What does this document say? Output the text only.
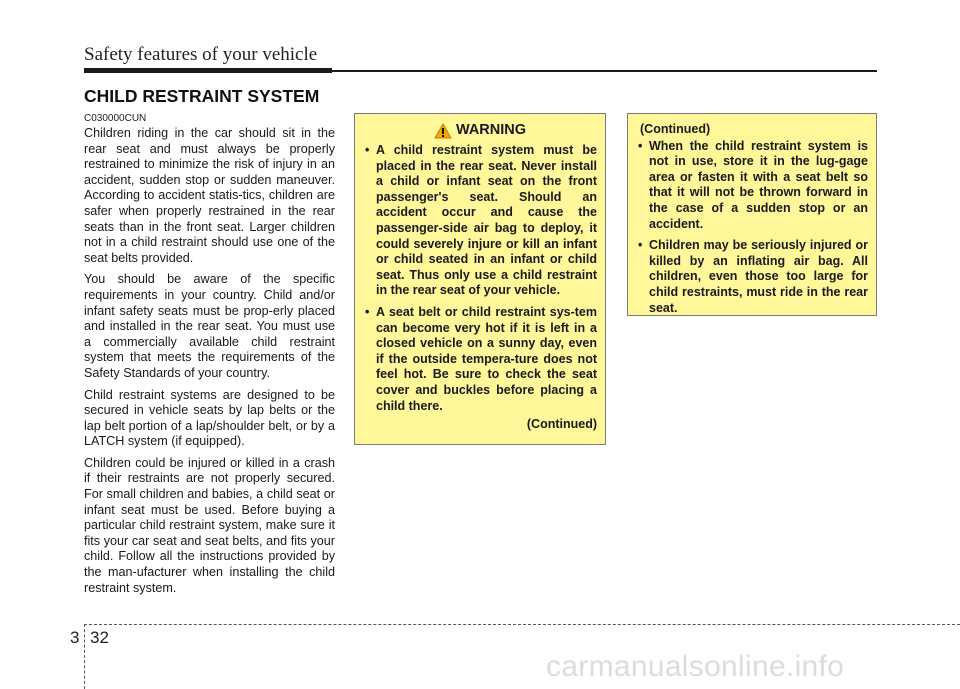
Safety features of your vehicle
CHILD RESTRAINT SYSTEM
C030000CUN

Children riding in the car should sit in the rear seat and must always be properly restrained to minimize the risk of injury in an accident, sudden stop or sudden maneuver. According to accident statis-tics, children are safer when properly restrained in the rear seats than in the front seat. Larger children not in a child restraint should use one of the seat belts provided.

You should be aware of the specific requirements in your country. Child and/or infant safety seats must be prop-erly placed and installed in the rear seat. You must use a commercially available child restraint system that meets the requirements of the Safety Standards of your country.

Child restraint systems are designed to be secured in vehicle seats by lap belts or the lap belt portion of a lap/shoulder belt, or by a LATCH system (if equipped).

Children could be injured or killed in a crash if their restraints are not properly secured. For small children and babies, a child seat or infant seat must be used. Before buying a particular child restraint system, make sure it fits your car seat and seat belts, and fits your child. Follow all the instructions provided by the man-ufacturer when installing the child restraint system.

WARNING
• A child restraint system must be placed in the rear seat. Never install a child or infant seat on the front passenger's seat. Should an accident occur and cause the passenger-side air bag to deploy, it could severely injure or kill an infant or child seated in an infant or child seat. Thus only use a child restraint in the rear seat of your vehicle.
• A seat belt or child restraint sys-tem can become very hot if it is left in a closed vehicle on a sunny day, even if the outside tempera-ture does not feel hot. Be sure to check the seat cover and buckles before placing a child there.
(Continued)
(Continued)
• When the child restraint system is not in use, store it in the lug-gage area or fasten it with a seat belt so that it will not be thrown forward in the case of a sudden stop or an accident.
• Children may be seriously injured or killed by an inflating air bag. All children, even those too large for child restraints, must ride in the rear seat.
3 32
carmanualsonline.info
